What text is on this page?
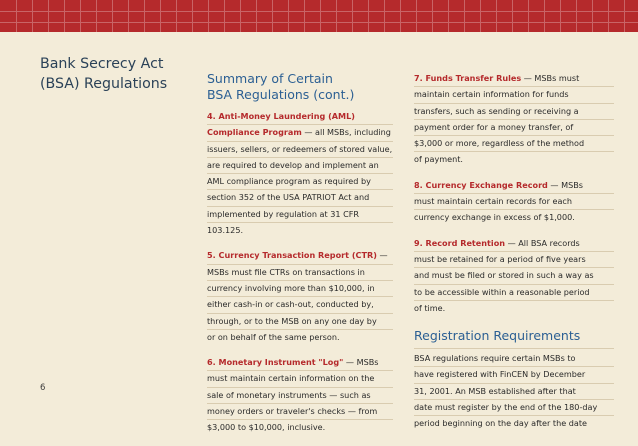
Bank Secrecy Act
(BSA) Regulations
6
Summary of Certain
BSA Regulations (cont.)
4. Anti-Money Laundering (AML)
Compliance Program — all MSBs, including
issuers, sellers, or redeemers of stored value,
are required to develop and implement an
AML compliance program as required by
section 352 of the USA PATRIOT Act and
implemented by regulation at 31 CFR
103.125.
5. Currency Transaction Report (CTR) —
MSBs must file CTRs on transactions in
currency involving more than $10,000, in
either cash-in or cash-out, conducted by,
through, or to the MSB on any one day by
or on behalf of the same person.
6. Monetary Instrument "Log" — MSBs
must maintain certain information on the
sale of monetary instruments — such as
money orders or traveler's checks — from
$3,000 to $10,000, inclusive.
7. Funds Transfer Rules — MSBs must
maintain certain information for funds
transfers, such as sending or receiving a
payment order for a money transfer, of
$3,000 or more, regardless of the method
of payment.
8. Currency Exchange Record — MSBs
must maintain certain records for each
currency exchange in excess of $1,000.
9. Record Retention — All BSA records
must be retained for a period of five years
and must be filed or stored in such a way as
to be accessible within a reasonable period
of time.
Registration Requirements
BSA regulations require certain MSBs to
have registered with FinCEN by December
31, 2001. An MSB established after that
date must register by the end of the 180-day
period beginning on the day after the date
